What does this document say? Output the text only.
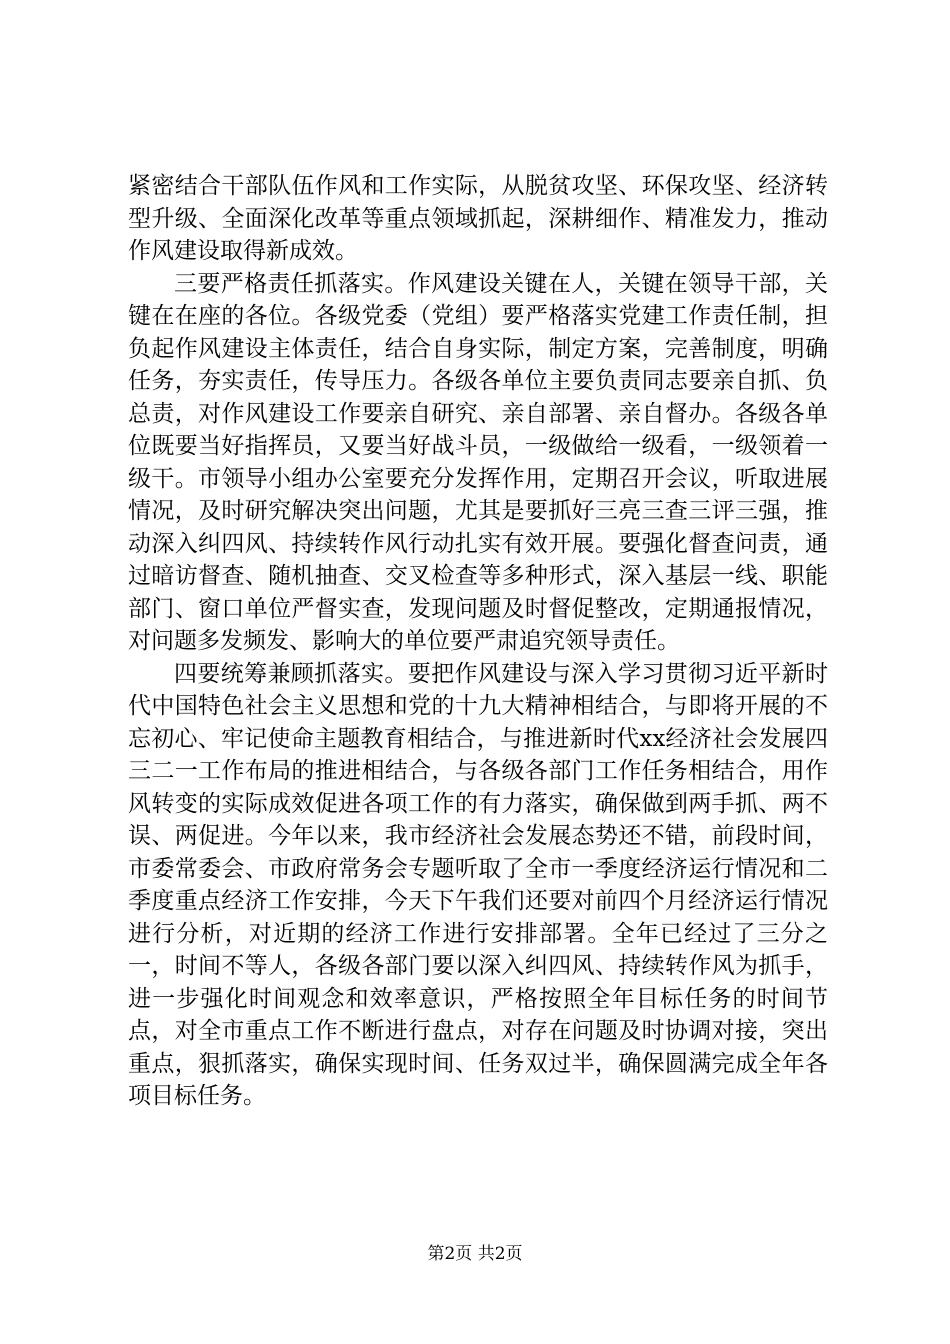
紧密结合干部队伍作风和工作实际，从脱贫攻坚、环保攻坚、经济转型升级、全面深化改革等重点领域抓起，深耕细作、精准发力，推动作风建设取得新成效。

三要严格责任抓落实。作风建设关键在人，关键在领导干部，关键在在座的各位。各级党委（党组）要严格落实党建工作责任制，担负起作风建设主体责任，结合自身实际，制定方案，完善制度，明确任务，夯实责任，传导压力。各级各单位主要负责同志要亲自抓、负总责，对作风建设工作要亲自研究、亲自部署、亲自督办。各级各单位既要当好指挥员，又要当好战斗员，一级做给一级看，一级领着一级干。市领导小组办公室要充分发挥作用，定期召开会议，听取进展情况，及时研究解决突出问题，尤其是要抓好三亮三查三评三强，推动深入纠四风、持续转作风行动扎实有效开展。要强化督查问责，通过暗访督查、随机抽查、交叉检查等多种形式，深入基层一线、职能部门、窗口单位严督实查，发现问题及时督促整改，定期通报情况，对问题多发频发、影响大的单位要严肃追究领导责任。

四要统筹兼顾抓落实。要把作风建设与深入学习贯彻习近平新时代中国特色社会主义思想和党的十九大精神相结合，与即将开展的不忘初心、牢记使命主题教育相结合，与推进新时代xx经济社会发展四三二一工作布局的推进相结合，与各级各部门工作任务相结合，用作风转变的实际成效促进各项工作的有力落实，确保做到两手抓、两不误、两促进。今年以来，我市经济社会发展态势还不错，前段时间，市委常委会、市政府常务会专题听取了全市一季度经济运行情况和二季度重点经济工作安排，今天下午我们还要对前四个月经济运行情况进行分析，对近期的经济工作进行安排部署。全年已经过了三分之一，时间不等人，各级各部门要以深入纠四风、持续转作风为抓手，进一步强化时间观念和效率意识，严格按照全年目标任务的时间节点，对全市重点工作不断进行盘点，对存在问题及时协调对接，突出重点，狠抓落实，确保实现时间、任务双过半，确保圆满完成全年各项目标任务。

第2页 共2页
